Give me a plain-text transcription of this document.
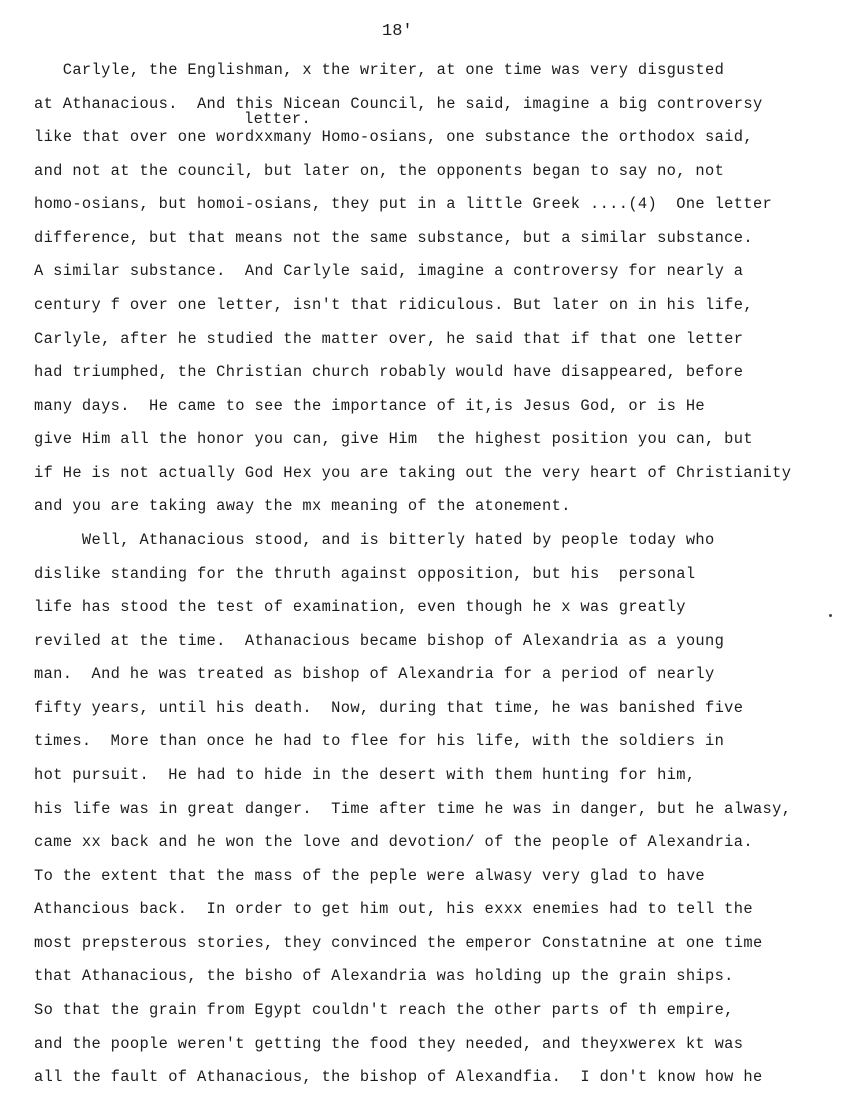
18'
letter.
Carlyle, the Englishman, x the writer, at one time was very disgusted
at Athanacious.  And this Nicean Council, he said, imagine a big controversy
like that over one wordxxmany Homo-osians, one substance the orthodox said,
and not at the council, but later on, the opponents began to say no, not
homo-osians, but homoi-osians, they put in a little Greek ....(4)  One letter
difference, but that means not the same substance, but a similar substance.
A similar substance.  And Carlyle said, imagine a controversy for nearly a
century f over one letter, isn't that ridiculous. But later on in his life,
Carlyle, after he studied the matter over, he said that if that one letter
had triumphed, the Christian church robably would have disappeared, before
many days.  He came to see the importance of it,is Jesus God, or is He
give Him all the honor you can, give Him  the highest position you can, but
if He is not actually God Hex you are taking out the very heart of Christianity
and you are taking away the mx meaning of the atonement.
Well, Athanacious stood, and is bitterly hated by people today who
dislike standing for the thruth against opposition, but his  personal
life has stood the test of examination, even though he x was greatly
reviled at the time.  Athanacious became bishop of Alexandria as a young
man.  And he was treated as bishop of Alexandria for a period of nearly
fifty years, until his death.  Now, during that time, he was banished five
times.  More than once he had to flee for his life, with the soldiers in
hot pursuit.  He had to hide in the desert with them hunting for him,
his life was in great danger.  Time after time he was in danger, but he alwasy,
came xx back and he won the love and devotion/ of the people of Alexandria.
To the extent that the mass of the peple were alwasy very glad to have
Athancious back.  In order to get him out, his exxx enemies had to tell the
most prepsterous stories, they convinced the emperor Constatnine at one time
that Athanacious, the bisho of Alexandria was holding up the grain ships.
So that the grain from Egypt couldn't reach the other parts of th empire,
and the poople weren't getting the food they needed, and theyxwerex kt was
all the fault of Athanacious, the bishop of Alexandfia.  I don't know how he
